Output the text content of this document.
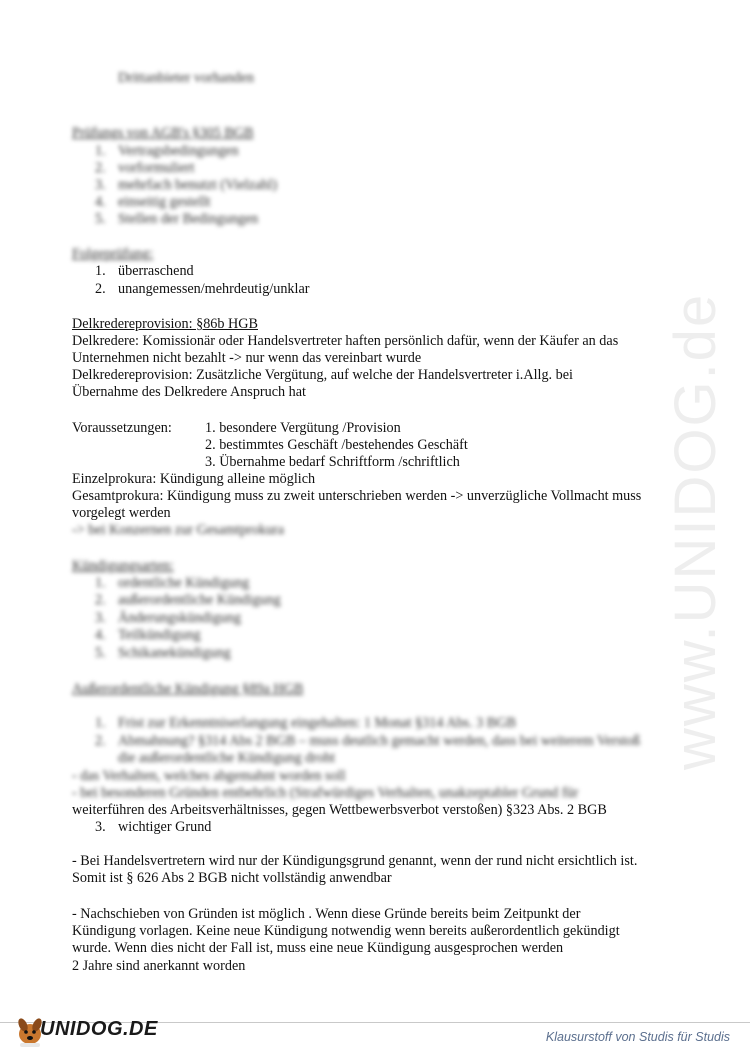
www.UNIDOG.de
Drittanbieter vorhanden
Prüfungs von AGB's §305 BGB
1. Vertragsbedingungen
2. vorformuliert
3. mehrfach benutzt (Vielzahl)
4. einseitig gestellt
5. Stellen der Bedingungen
Folgeprüfung:
1. überraschend
2. unangemessen/mehrdeutig/unklar
Delkredereprovision: §86b HGB
Delkredere: Komissionär oder Handelsvertreter haften persönlich dafür, wenn der Käufer an das
Unternehmen nicht bezahlt -> nur wenn das vereinbart wurde
Delkredereprovision: Zusätzliche Vergütung, auf welche der Handelsvertreter i.Allg. bei
Übernahme des Delkredere Anspruch hat
Voraussetzungen: 1. besondere Vergütung /Provision
2. bestimmtes Geschäft /bestehendes Geschäft
3. Übernahme bedarf Schriftform /schriftlich
Einzelprokura: Kündigung alleine möglich
Gesamtprokura: Kündigung muss zu zweit unterschrieben werden -> unverzügliche Vollmacht muss
vorgelegt werden
-> bei Konzernen zur Gesamtprokura
Kündigungsarten:
1. ordentliche Kündigung
2. außerordentliche Kündigung
3. Änderungskündigung
4. Teilkündigung
5. Schikanekündigung
Außerordentliche Kündigung §89a HGB
1. Frist zur Erkenntniserlangung eingehalten: 1 Monat §314 Abs. 3 BGB
2. Abmahnung? §314 Abs 2 BGB – muss deutlich gemacht werden, dass bei weiterem Verstoß
die außerordentliche Kündigung droht
- das Verhalten, welches abgemahnt worden soll
- bei besonderen Gründen entbehrlich (Strafwürdiges Verhalten, unakzeptabler Grund für
weiterführen des Arbeitsverhältnisses, gegen Wettbewerbsverbot verstoßen) §323 Abs. 2 BGB
3. wichtiger Grund
- Bei Handelsvertretern wird nur der Kündigungsgrund genannt, wenn der rund nicht ersichtlich ist.
Somit ist § 626 Abs 2 BGB nicht vollständig anwendbar
- Nachschieben von Gründen ist möglich . Wenn diese Gründe bereits beim Zeitpunkt der
Kündigung vorlagen. Keine neue Kündigung notwendig wenn bereits außerordentlich gekündigt
wurde. Wenn dies nicht der Fall ist, muss eine neue Kündigung ausgesprochen werden
2 Jahre sind anerkannt worden
UNIDOG.DE	Klausurstoff von Studis für Studis
